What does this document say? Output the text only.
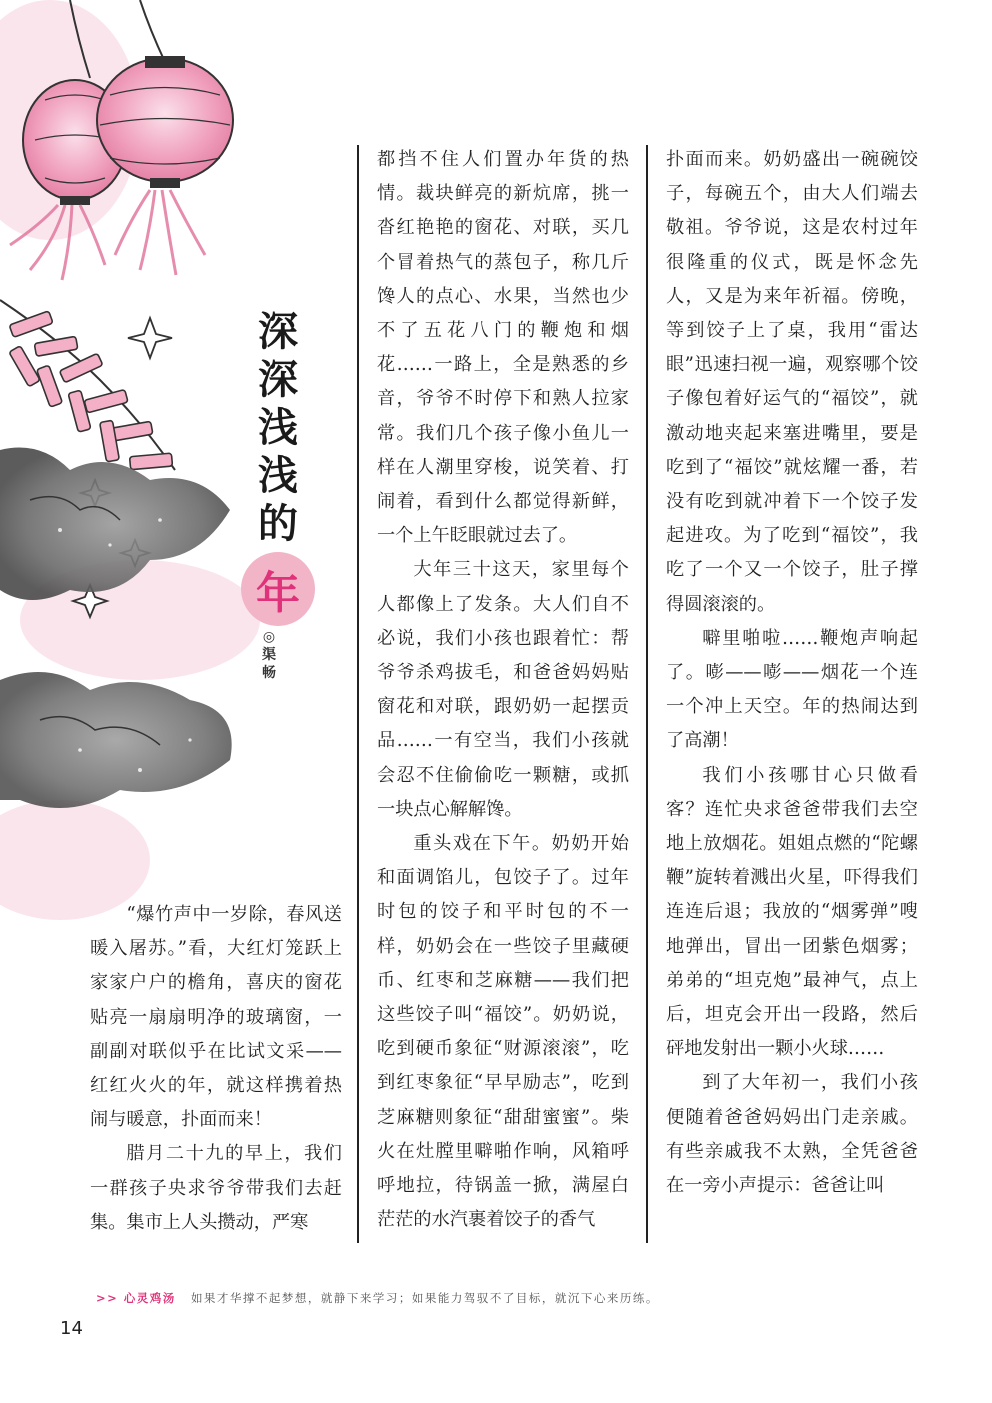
深
深
浅
浅
的
年
◎
渠
畅

“爆竹声中一岁除，春风送暖入屠苏。”看，大红灯笼跃上家家户户的檐角，喜庆的窗花贴亮一扇扇明净的玻璃窗，一副副对联似乎在比试文采——红红火火的年，就这样携着热闹与暖意，扑面而来！

腊月二十九的早上，我们一群孩子央求爷爷带我们去赶集。集市上人头攒动，严寒

都挡不住人们置办年货的热情。裁块鲜亮的新炕席，挑一沓红艳艳的窗花、对联，买几个冒着热气的蒸包子，称几斤馋人的点心、水果，当然也少不了五花八门的鞭炮和烟花……一路上，全是熟悉的乡音，爷爷不时停下和熟人拉家常。我们几个孩子像小鱼儿一样在人潮里穿梭，说笑着、打闹着，看到什么都觉得新鲜，一个上午眨眼就过去了。

大年三十这天，家里每个人都像上了发条。大人们自不必说，我们小孩也跟着忙：帮爷爷杀鸡拔毛，和爸爸妈妈贴窗花和对联，跟奶奶一起摆贡品……一有空当，我们小孩就会忍不住偷偷吃一颗糖，或抓一块点心解解馋。

重头戏在下午。奶奶开始和面调馅儿，包饺子了。过年时包的饺子和平时包的不一样，奶奶会在一些饺子里藏硬币、红枣和芝麻糖——我们把这些饺子叫“福饺”。奶奶说，吃到硬币象征“财源滚滚”，吃到红枣象征“早早励志”，吃到芝麻糖则象征“甜甜蜜蜜”。柴火在灶膛里噼啪作响，风箱呼呼地拉，待锅盖一掀，满屋白茫茫的水汽裹着饺子的香气

扑面而来。奶奶盛出一碗碗饺子，每碗五个，由大人们端去敬祖。爷爷说，这是农村过年很隆重的仪式，既是怀念先人，又是为来年祈福。傍晚，等到饺子上了桌，我用“雷达眼”迅速扫视一遍，观察哪个饺子像包着好运气的“福饺”，就激动地夹起来塞进嘴里，要是吃到了“福饺”就炫耀一番，若没有吃到就冲着下一个饺子发起进攻。为了吃到“福饺”，我吃了一个又一个饺子，肚子撑得圆滚滚的。

噼里啪啦……鞭炮声响起了。嘭——嘭——烟花一个连一个冲上天空。年的热闹达到了高潮！

我们小孩哪甘心只做看客？连忙央求爸爸带我们去空地上放烟花。姐姐点燃的“陀螺鞭”旋转着溅出火星，吓得我们连连后退；我放的“烟雾弹”嗖地弹出，冒出一团紫色烟雾；弟弟的“坦克炮”最神气，点上后，坦克会开出一段路，然后砰地发射出一颗小火球……

到了大年初一，我们小孩便随着爸爸妈妈出门走亲戚。有些亲戚我不太熟，全凭爸爸在一旁小声提示：爸爸让叫

>> 心灵鸡汤 如果才华撑不起梦想，就静下来学习；如果能力驾驭不了目标，就沉下心来历练。
14
